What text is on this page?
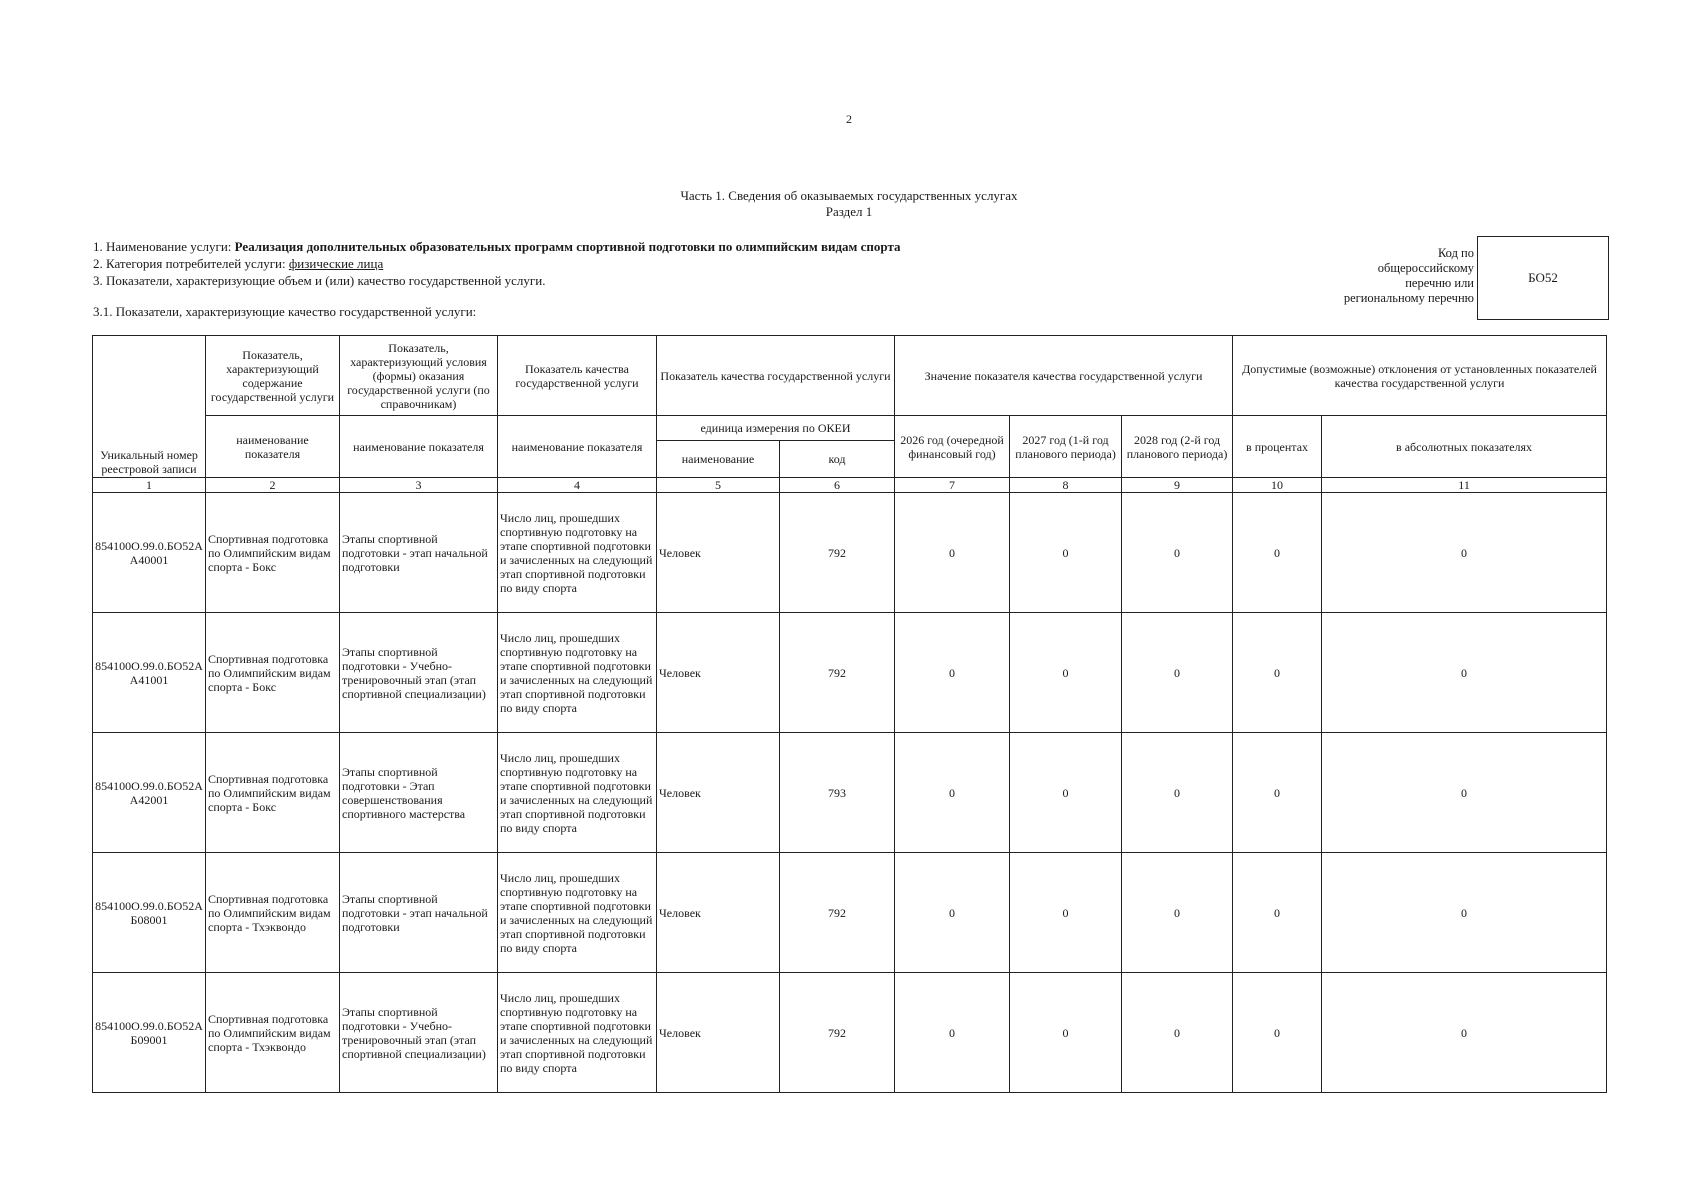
2
Часть 1. Сведения об оказываемых государственных услугах
Раздел 1
1. Наименование услуги: Реализация дополнительных образовательных программ спортивной подготовки по олимпийским видам спорта
2. Категория потребителей услуги: физические лица
3. Показатели, характеризующие объем и (или) качество государственной услуги.
3.1. Показатели, характеризующие качество государственной услуги:
Код по
общероссийскому
перечню или
региональному перечню
БО52
Уникальный номер реестровой записи	Показатель, характеризующий содержание государственной услуги	Показатель, характеризующий условия (формы) оказания государственной услуги (по справочникам)	Показатель качества государственной услуги	Показатель качества государственной услуги		Значение показателя качества государственной услуги			Допустимые (возможные) отклонения от установленных показателей качества государственной услуги	
	наименование показателя	наименование показателя	наименование показателя	единица измерения по ОКЕИ		2026 год (очередной финансовый год)	2027 год (1-й год планового периода)	2028 год (2-й год планового периода)	в процентах	в абсолютных показателях
				наименование	код					
1	2	3	4	5	6	7	8	9	10	11
854100О.99.0.БО52АА40001	Спортивная подготовка по Олимпийским видам спорта - Бокс	Этапы спортивной подготовки - этап начальной подготовки	Число лиц, прошедших спортивную подготовку на этапе спортивной подготовки и зачисленных на следующий этап спортивной подготовки по виду спорта	Человек	792	0	0	0	0	0
854100О.99.0.БО52АА41001	Спортивная подготовка по Олимпийским видам спорта - Бокс	Этапы спортивной подготовки - Учебно-тренировочный этап (этап спортивной специализации)	Число лиц, прошедших спортивную подготовку на этапе спортивной подготовки и зачисленных на следующий этап спортивной подготовки по виду спорта	Человек	792	0	0	0	0	0
854100О.99.0.БО52АА42001	Спортивная подготовка по Олимпийским видам спорта - Бокс	Этапы спортивной подготовки - Этап совершенствования спортивного мастерства	Число лиц, прошедших спортивную подготовку на этапе спортивной подготовки и зачисленных на следующий этап спортивной подготовки по виду спорта	Человек	793	0	0	0	0	0
854100О.99.0.БО52АБ08001	Спортивная подготовка по Олимпийским видам спорта - Тхэквондо	Этапы спортивной подготовки - этап начальной подготовки	Число лиц, прошедших спортивную подготовку на этапе спортивной подготовки и зачисленных на следующий этап спортивной подготовки по виду спорта	Человек	792	0	0	0	0	0
854100О.99.0.БО52АБ09001	Спортивная подготовка по Олимпийским видам спорта - Тхэквондо	Этапы спортивной подготовки - Учебно-тренировочный этап (этап спортивной специализации)	Число лиц, прошедших спортивную подготовку на этапе спортивной подготовки и зачисленных на следующий этап спортивной подготовки по виду спорта	Человек	792	0	0	0	0	0
